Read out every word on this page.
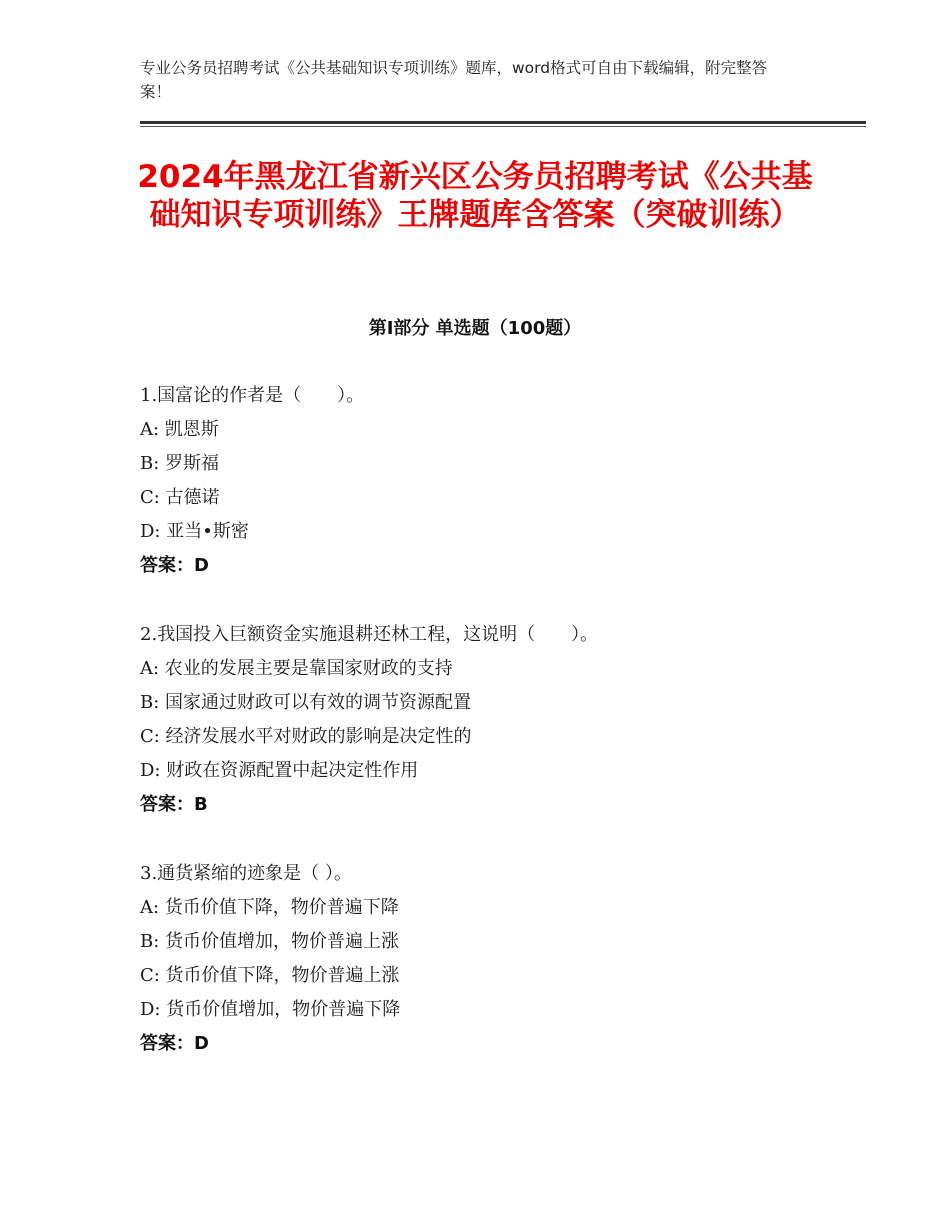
专业公务员招聘考试《公共基础知识专项训练》题库，word格式可自由下载编辑，附完整答案！
2024年黑龙江省新兴区公务员招聘考试《公共基础知识专项训练》王牌题库含答案（突破训练）
第Ⅰ部分 单选题（100题）
1.国富论的作者是（　　）。
A: 凯恩斯
B: 罗斯福
C: 古德诺
D: 亚当•斯密
答案：D
2.我国投入巨额资金实施退耕还林工程，这说明（　　）。
A: 农业的发展主要是靠国家财政的支持
B: 国家通过财政可以有效的调节资源配置
C: 经济发展水平对财政的影响是决定性的
D: 财政在资源配置中起决定性作用
答案：B
3.通货紧缩的迹象是（ ）。
A: 货币价值下降，物价普遍下降
B: 货币价值增加，物价普遍上涨
C: 货币价值下降，物价普遍上涨
D: 货币价值增加，物价普遍下降
答案：D
